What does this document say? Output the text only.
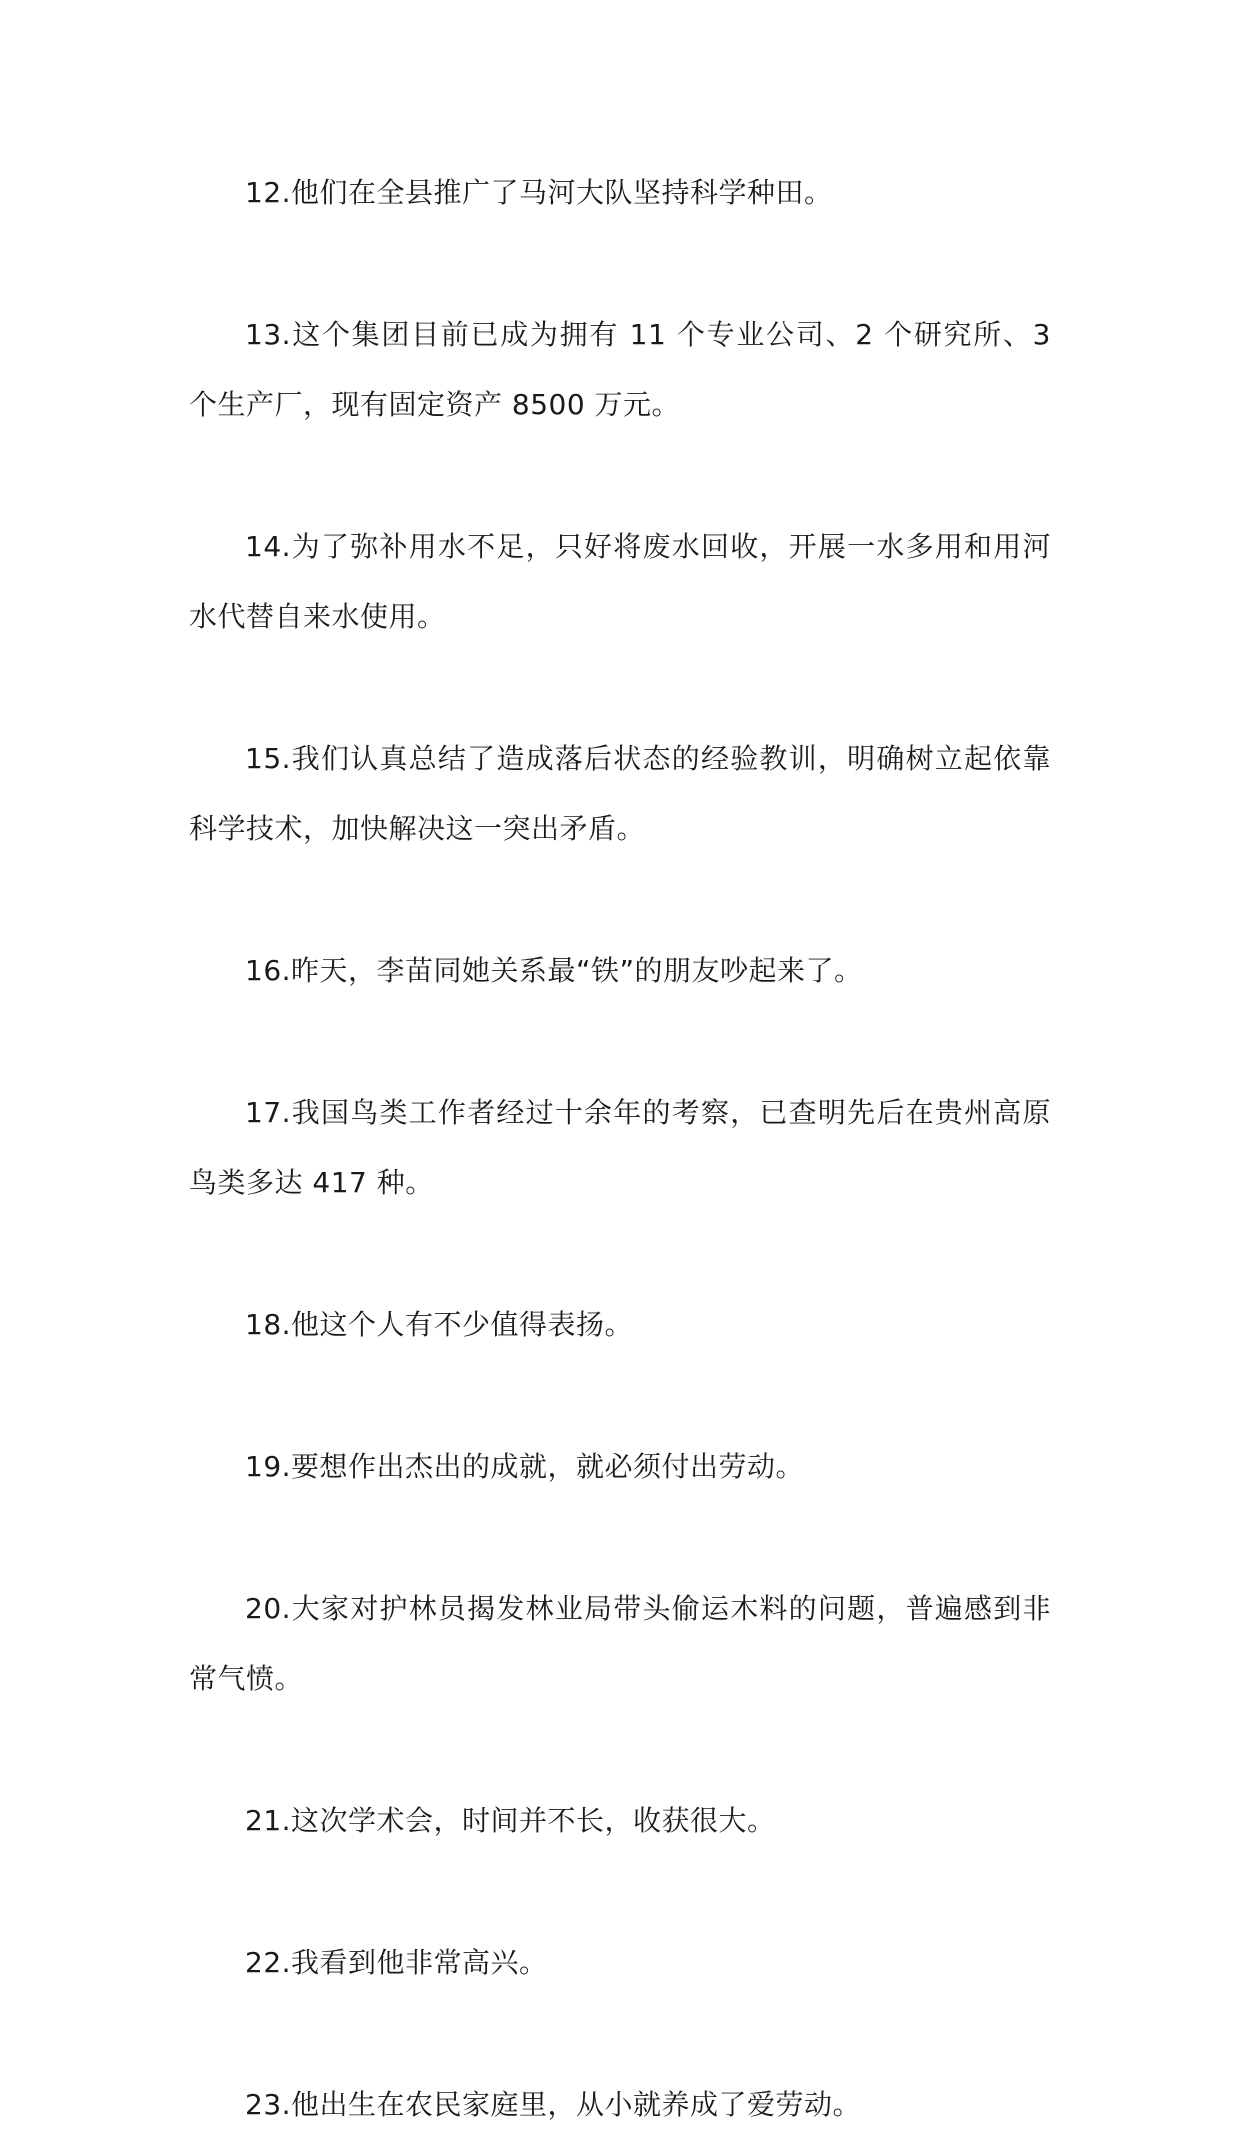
12.他们在全县推广了马河大队坚持科学种田。

13.这个集团目前已成为拥有 11 个专业公司、2 个研究所、3 个生产厂，现有固定资产 8500 万元。

14.为了弥补用水不足，只好将废水回收，开展一水多用和用河水代替自来水使用。

15.我们认真总结了造成落后状态的经验教训，明确树立起依靠科学技术，加快解决这一突出矛盾。

16.昨天，李苗同她关系最“铁”的朋友吵起来了。

17.我国鸟类工作者经过十余年的考察，已查明先后在贵州高原鸟类多达 417 种。

18.他这个人有不少值得表扬。

19.要想作出杰出的成就，就必须付出劳动。

20.大家对护林员揭发林业局带头偷运木料的问题，普遍感到非常气愤。

21.这次学术会，时间并不长，收获很大。

22.我看到他非常高兴。

23.他出生在农民家庭里，从小就养成了爱劳动。
